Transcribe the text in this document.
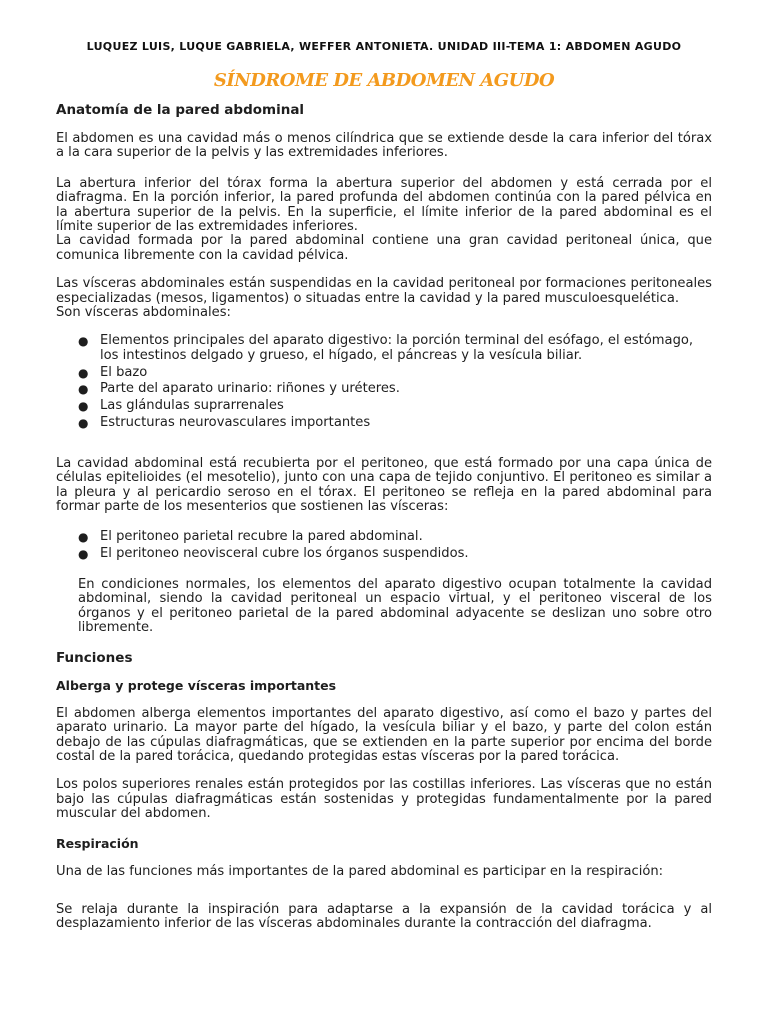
LUQUEZ LUIS, LUQUE GABRIELA, WEFFER ANTONIETA. UNIDAD III-TEMA 1: ABDOMEN AGUDO
SÍNDROME DE ABDOMEN AGUDO
Anatomía de la pared abdominal

El abdomen es una cavidad más o menos cilíndrica que se extiende desde la cara inferior del tórax a la cara superior de la pelvis y las extremidades inferiores.

La abertura inferior del tórax forma la abertura superior del abdomen y está cerrada por el diafragma. En la porción inferior, la pared profunda del abdomen continúa con la pared pélvica en la abertura superior de la pelvis. En la superficie, el límite inferior de la pared abdominal es el límite superior de las extremidades inferiores.

La cavidad formada por la pared abdominal contiene una gran cavidad peritoneal única, que comunica libremente con la cavidad pélvica.

Las vísceras abdominales están suspendidas en la cavidad peritoneal por formaciones peritoneales especializadas (mesos, ligamentos) o situadas entre la cavidad y la pared musculoesquelética.

Son vísceras abdominales:

● Elementos principales del aparato digestivo: la porción terminal del esófago, el estómago, los intestinos delgado y grueso, el hígado, el páncreas y la vesícula biliar.
● El bazo
● Parte del aparato urinario: riñones y uréteres.
● Las glándulas suprarrenales
● Estructuras neurovasculares importantes

La cavidad abdominal está recubierta por el peritoneo, que está formado por una capa única de células epitelioides (el mesotelio), junto con una capa de tejido conjuntivo. El peritoneo es similar a la pleura y al pericardio seroso en el tórax. El peritoneo se refleja en la pared abdominal para formar parte de los mesenterios que sostienen las vísceras:

● El peritoneo parietal recubre la pared abdominal.
● El peritoneo neovisceral cubre los órganos suspendidos.

En condiciones normales, los elementos del aparato digestivo ocupan totalmente la cavidad abdominal, siendo la cavidad peritoneal un espacio virtual, y el peritoneo visceral de los órganos y el peritoneo parietal de la pared abdominal adyacente se deslizan uno sobre otro libremente.

Funciones
Alberga y protege vísceras importantes

El abdomen alberga elementos importantes del aparato digestivo, así como el bazo y partes del aparato urinario. La mayor parte del hígado, la vesícula biliar y el bazo, y parte del colon están debajo de las cúpulas diafragmáticas, que se extienden en la parte superior por encima del borde costal de la pared torácica, quedando protegidas estas vísceras por la pared torácica.

Los polos superiores renales están protegidos por las costillas inferiores. Las vísceras que no están bajo las cúpulas diafragmáticas están sostenidas y protegidas fundamentalmente por la pared muscular del abdomen.

Respiración

Una de las funciones más importantes de la pared abdominal es participar en la respiración:

Se relaja durante la inspiración para adaptarse a la expansión de la cavidad torácica y al desplazamiento inferior de las vísceras abdominales durante la contracción del diafragma.
